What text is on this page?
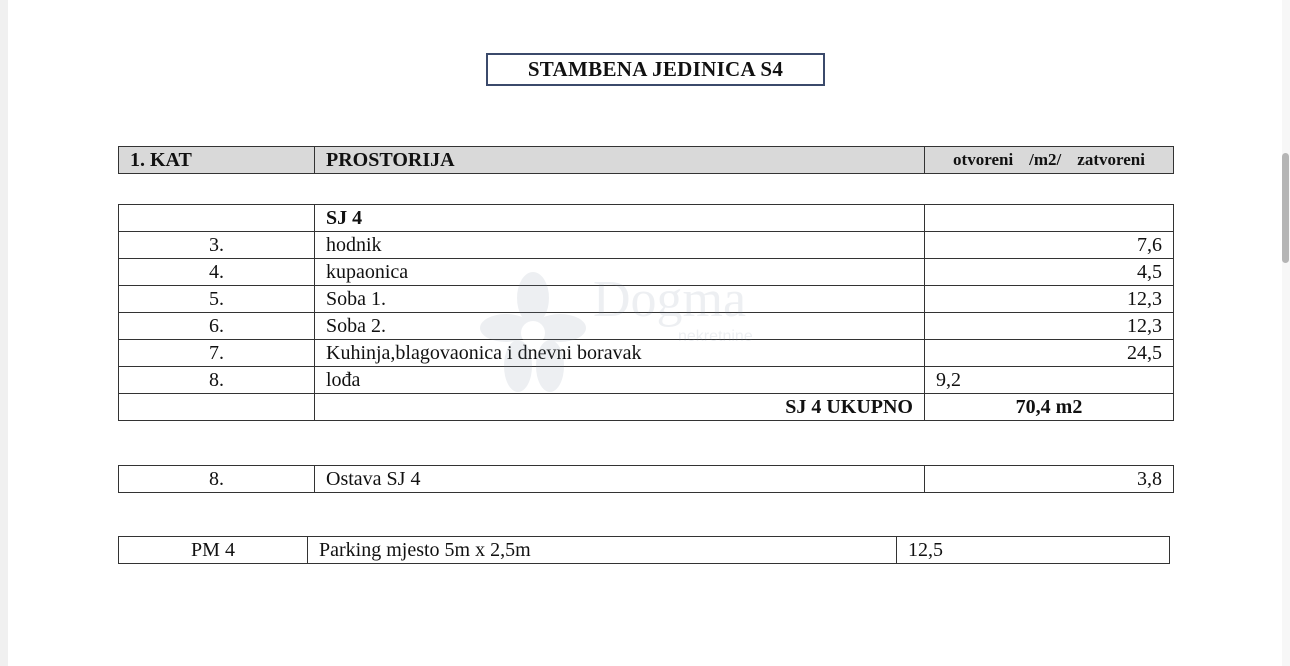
STAMBENA JEDINICA S4
1. KAT	PROSTORIJA	otvoreni /m2/ zatvoreni
	SJ 4	
3.	hodnik	7,6
4.	kupaonica	4,5
5.	Soba 1.	12,3
6.	Soba 2.	12,3
7.	Kuhinja,blagovaonica i dnevni boravak	24,5
8.	lođa	9,2
	SJ 4 UKUPNO	70,4 m2
8.	Ostava SJ 4	3,8
PM 4	Parking mjesto 5m x 2,5m	12,5
Dogma
nekretnine
